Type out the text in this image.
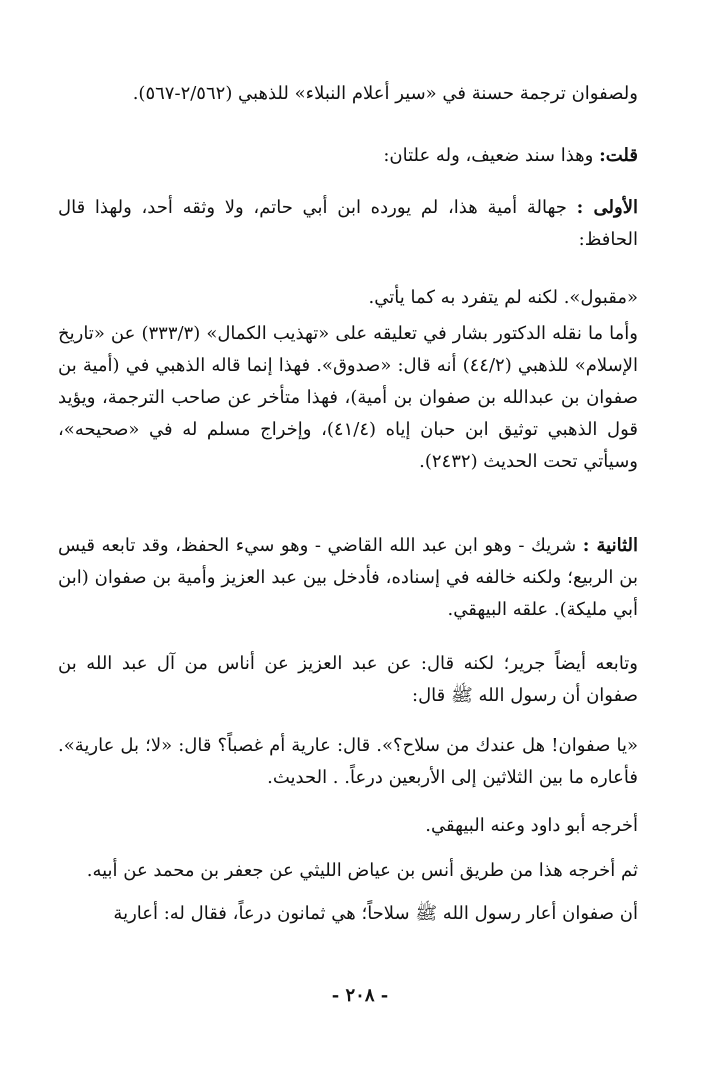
ولصفوان ترجمة حسنة في «سير أعلام النبلاء» للذهبي (٢/٥٦٢-٥٦٧).
قلت: وهذا سند ضعيف، وله علتان:
الأولى : جهالة أمية هذا، لم يورده ابن أبي حاتم، ولا وثقه أحد، ولهذا قال الحافظ:
«مقبول». لكنه لم يتفرد به كما يأتي.
وأما ما نقله الدكتور بشار في تعليقه على «تهذيب الكمال» (٣٣٣/٣) عن «تاريخ الإسلام» للذهبي (٤٤/٢) أنه قال: «صدوق». فهذا إنما قاله الذهبي في (أمية بن صفوان بن عبدالله بن صفوان بن أمية)، فهذا متأخر عن صاحب الترجمة، ويؤيد قول الذهبي توثيق ابن حبان إياه (٤١/٤)، وإخراج مسلم له في «صحيحه»، وسيأتي تحت الحديث (٢٤٣٢).
الثانية : شريك - وهو ابن عبد الله القاضي - وهو سيء الحفظ، وقد تابعه قيس بن الربيع؛ ولكنه خالفه في إسناده، فأدخل بين عبد العزيز وأمية بن صفوان (ابن أبي مليكة). علقه البيهقي.
وتابعه أيضاً جرير؛ لكنه قال: عن عبد العزيز عن أناس من آل عبد الله بن صفوان أن رسول الله ﷺ قال:
«يا صفوان! هل عندك من سلاح؟». قال: عارية أم غصباً؟ قال: «لا؛ بل عارية». فأعاره ما بين الثلاثين إلى الأربعين درعاً. . الحديث.
أخرجه أبو داود وعنه البيهقي.
ثم أخرجه هذا من طريق أنس بن عياض الليثي عن جعفر بن محمد عن أبيه.
أن صفوان أعار رسول الله ﷺ سلاحاً؛ هي ثمانون درعاً، فقال له: أعارية
- ٢٠٨ -
